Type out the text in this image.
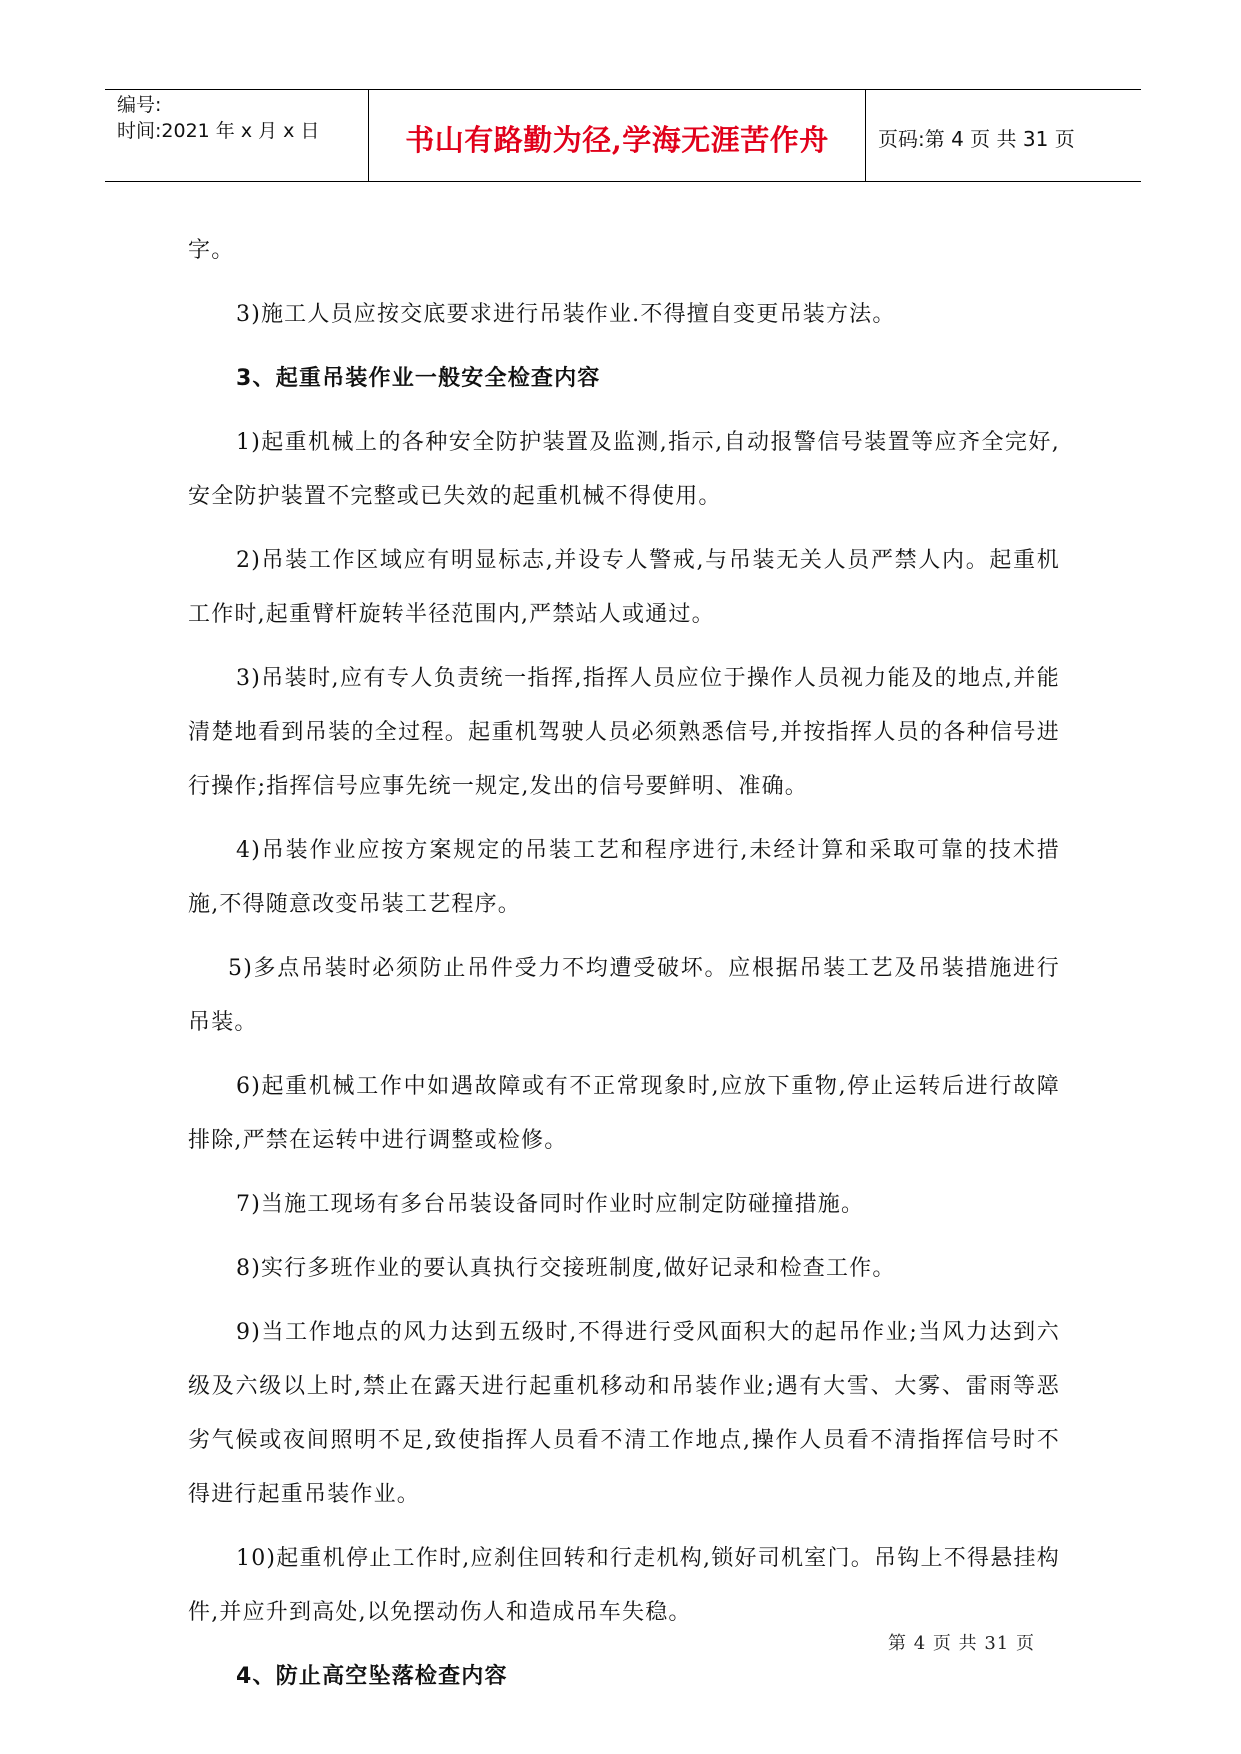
编号:
时间:2021 年 x 月 x 日	书山有路勤为径,学海无涯苦作舟	页码:第 4 页 共 31 页

字。

3)施工人员应按交底要求进行吊装作业.不得擅自变更吊装方法。

3、起重吊装作业一般安全检查内容

1)起重机械上的各种安全防护装置及监测,指示,自动报警信号装置等应齐全完好,安全防护装置不完整或已失效的起重机械不得使用。

2)吊装工作区域应有明显标志,并设专人警戒,与吊装无关人员严禁人内。起重机工作时,起重臂杆旋转半径范围内,严禁站人或通过。

3)吊装时,应有专人负责统一指挥,指挥人员应位于操作人员视力能及的地点,并能清楚地看到吊装的全过程。起重机驾驶人员必须熟悉信号,并按指挥人员的各种信号进行操作;指挥信号应事先统一规定,发出的信号要鲜明、准确。

4)吊装作业应按方案规定的吊装工艺和程序进行,未经计算和采取可靠的技术措施,不得随意改变吊装工艺程序。

5)多点吊装时必须防止吊件受力不均遭受破坏。应根据吊装工艺及吊装措施进行吊装。

6)起重机械工作中如遇故障或有不正常现象时,应放下重物,停止运转后进行故障排除,严禁在运转中进行调整或检修。

7)当施工现场有多台吊装设备同时作业时应制定防碰撞措施。

8)实行多班作业的要认真执行交接班制度,做好记录和检查工作。

9)当工作地点的风力达到五级时,不得进行受风面积大的起吊作业;当风力达到六级及六级以上时,禁止在露天进行起重机移动和吊装作业;遇有大雪、大雾、雷雨等恶劣气候或夜间照明不足,致使指挥人员看不清工作地点,操作人员看不清指挥信号时不得进行起重吊装作业。

10)起重机停止工作时,应刹住回转和行走机构,锁好司机室门。吊钩上不得悬挂构件,并应升到高处,以免摆动伤人和造成吊车失稳。

4、防止高空坠落检查内容

第 4 页 共 31 页
